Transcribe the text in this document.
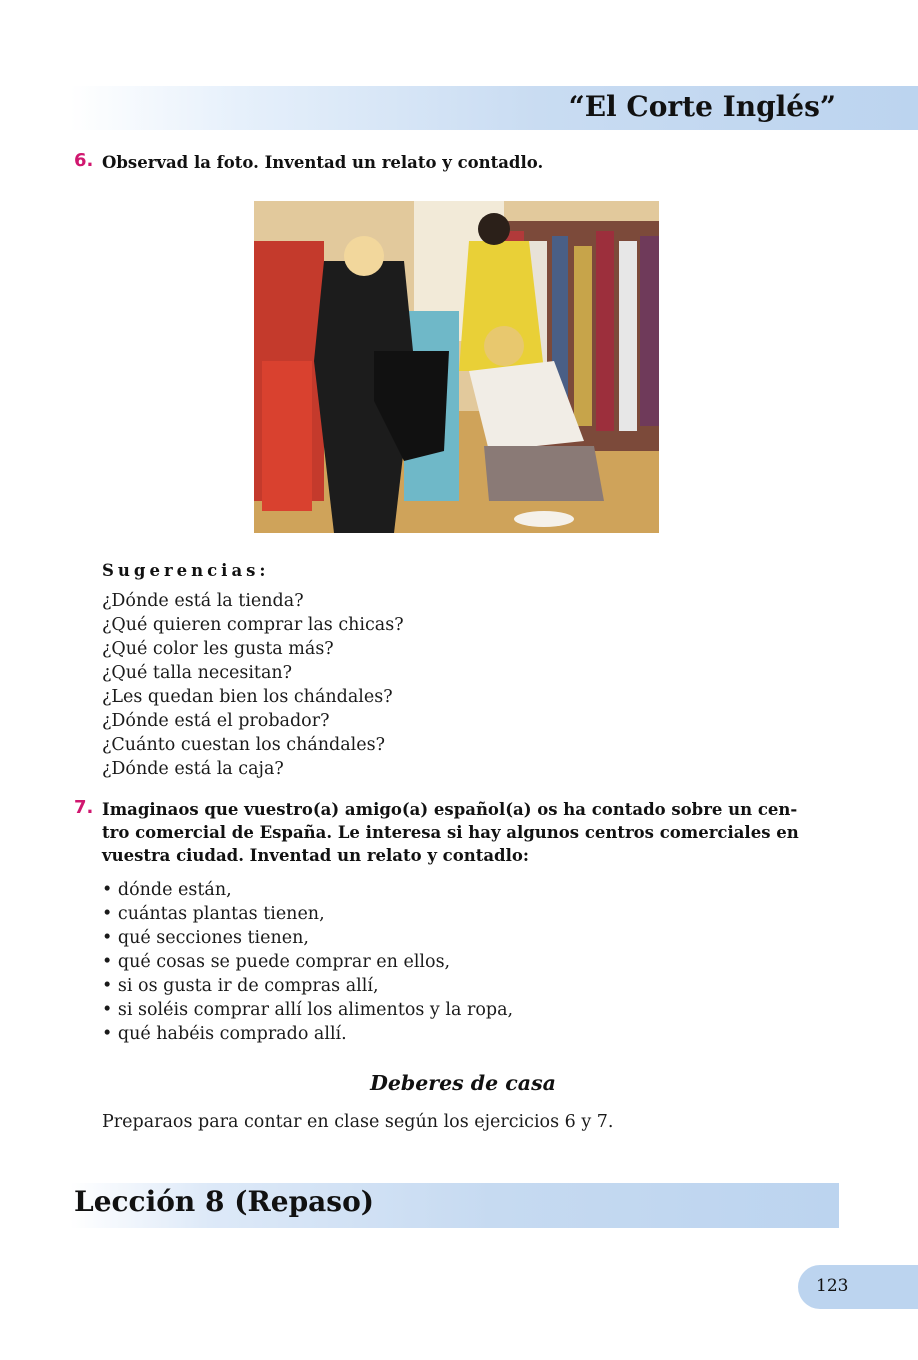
“El Corte Inglés”
6. Observad la foto. Inventad un relato y contadlo.
Sugerencias:
¿Dónde está la tienda?
¿Qué quieren comprar las chicas?
¿Qué color les gusta más?
¿Qué talla necesitan?
¿Les quedan bien los chándales?
¿Dónde está el probador?
¿Cuánto cuestan los chándales?
¿Dónde está la caja?
7. Imaginaos que vuestro(a) amigo(a) español(a) os ha contado sobre un cen-
tro comercial de España. Le interesa si hay algunos centros comerciales en
vuestra ciudad. Inventad un relato y contadlo:
• dónde están,
• cuántas plantas tienen,
• qué secciones tienen,
• qué cosas se puede comprar en ellos,
• si os gusta ir de compras allí,
• si soléis comprar allí los alimentos y la ropa,
• qué habéis comprado allí.
Deberes de casa
Preparaos para contar en clase según los ejercicios 6 y 7.
Lección 8 (Repaso)
123
